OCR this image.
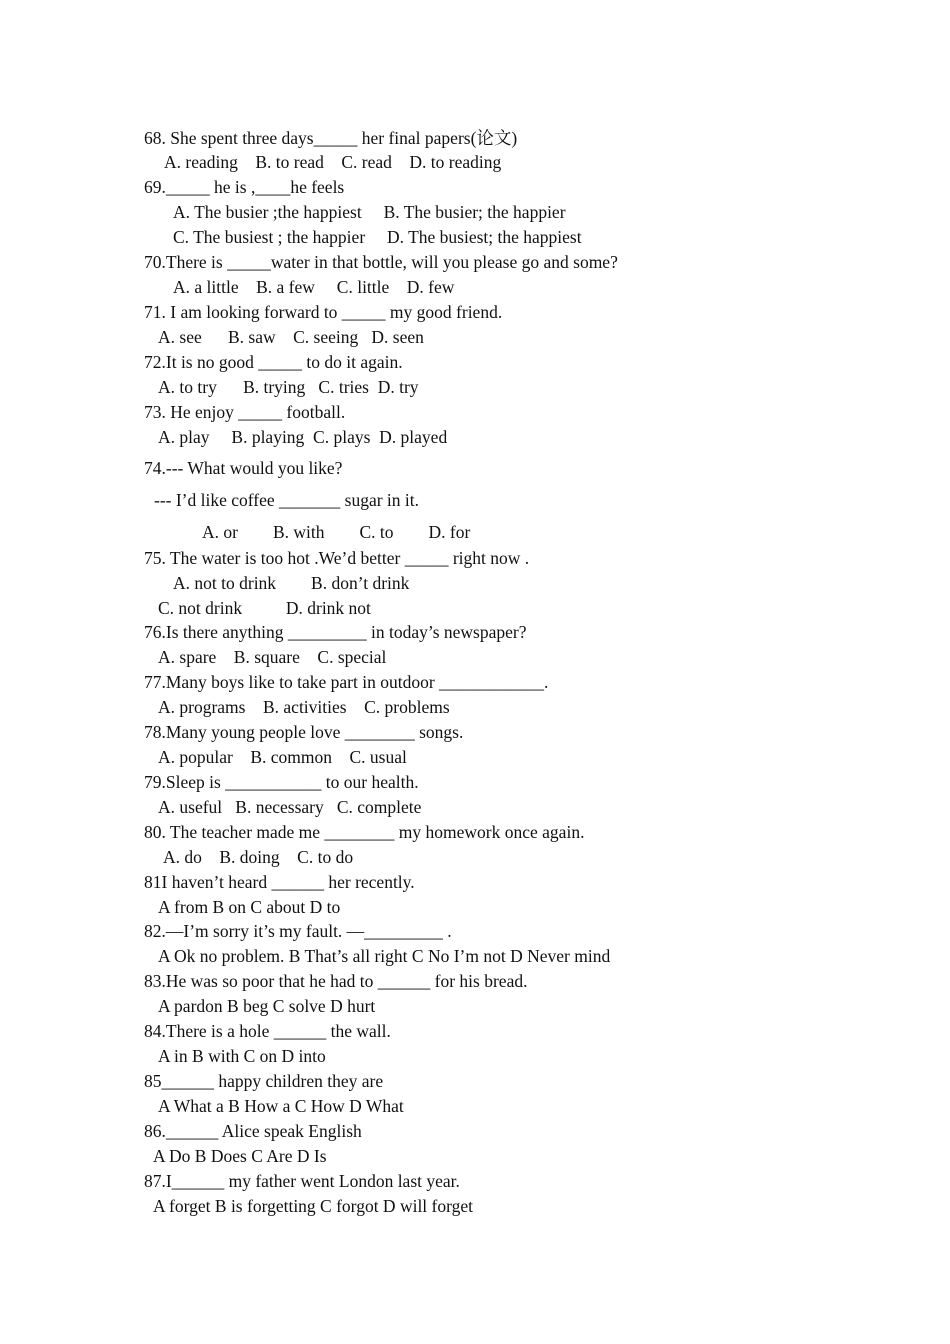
68. She spent three days_____ her final papers(论文)
A. reading    B. to read    C. read    D. to reading
69._____ he is ,____he feels
A. The busier ;the happiest     B. The busier; the happier
C. The busiest ; the happier     D. The busiest; the happiest
70.There is _____water in that bottle, will you please go and some?
A. a little    B. a few     C. little    D. few
71. I am looking forward to _____ my good friend.
A. see      B. saw    C. seeing   D. seen
72.It is no good _____ to do it again.
A. to try      B. trying   C. tries  D. try
73. He enjoy _____ football.
A. play     B. playing  C. plays  D. played
74.--- What would you like?
--- I’d like coffee _______ sugar in it.
A. or        B. with        C. to        D. for
75. The water is too hot .We’d better _____ right now .
A. not to drink        B. don’t drink
C. not drink          D. drink not
76.Is there anything _________ in today’s newspaper?
A. spare    B. square    C. special
77.Many boys like to take part in outdoor ____________.
A. programs    B. activities    C. problems
78.Many young people love ________ songs.
A. popular    B. common    C. usual
79.Sleep is ___________ to our health.
A. useful   B. necessary   C. complete
80. The teacher made me ________ my homework once again.
A. do    B. doing    C. to do
81I haven’t heard ______ her recently.
A from B on C about D to
82.—I’m sorry it’s my fault. —_________ .
A Ok no problem. B That’s all right C No I’m not D Never mind
83.He was so poor that he had to ______ for his bread.
A pardon B beg C solve D hurt
84.There is a hole ______ the wall.
A in B with C on D into
85______ happy children they are
A What a B How a C How D What
86.______ Alice speak English
A Do B Does C Are D Is
87.I______ my father went London last year.
A forget B is forgetting C forgot D will forget
